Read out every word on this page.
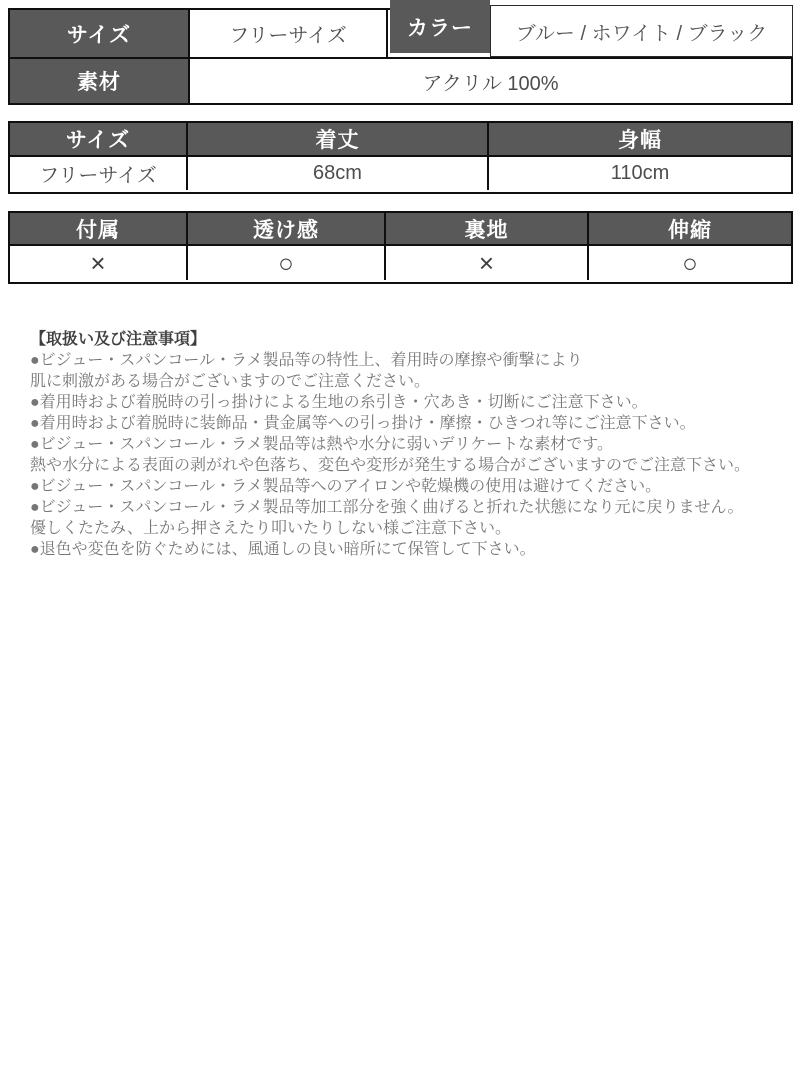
サイズ	フリーサイズ
素材	アクリル 100%
カラー	ブルー / ホワイト / ブラック
サイズ	着丈	身幅
フリーサイズ	68cm	110cm
付属	透け感	裏地	伸縮
×	○	×	○
【取扱い及び注意事項】
●ビジュー・スパンコール・ラメ製品等の特性上、着用時の摩擦や衝撃により
肌に刺激がある場合がございますのでご注意ください。
●着用時および着脱時の引っ掛けによる生地の糸引き・穴あき・切断にご注意下さい。
●着用時および着脱時に装飾品・貴金属等への引っ掛け・摩擦・ひきつれ等にご注意下さい。
●ビジュー・スパンコール・ラメ製品等は熱や水分に弱いデリケートな素材です。
熱や水分による表面の剥がれや色落ち、変色や変形が発生する場合がございますのでご注意下さい。
●ビジュー・スパンコール・ラメ製品等へのアイロンや乾燥機の使用は避けてください。
●ビジュー・スパンコール・ラメ製品等加工部分を強く曲げると折れた状態になり元に戻りません。
優しくたたみ、上から押さえたり叩いたりしない様ご注意下さい。
●退色や変色を防ぐためには、風通しの良い暗所にて保管して下さい。
